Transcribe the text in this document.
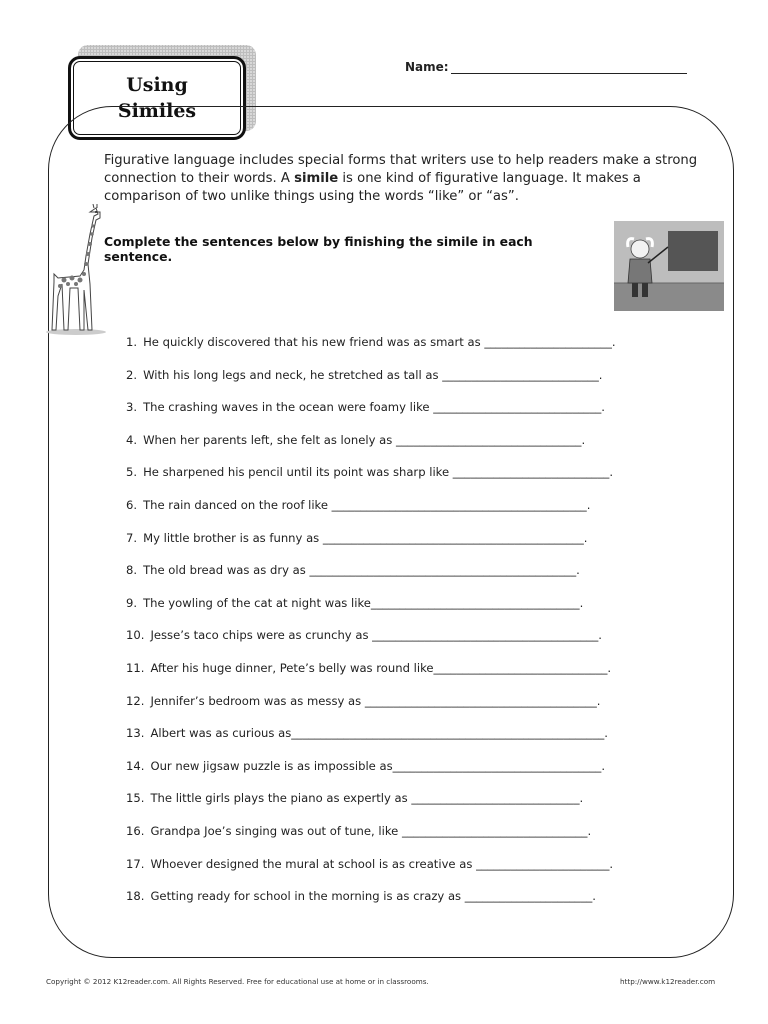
Using
Similes
Name:
Figurative language includes special forms that writers use to help readers make a strong connection to their words. A simile is one kind of figurative language. It makes a comparison of two unlike things using the words “like” or “as”.
Complete the sentences below by finishing the simile in each sentence.
1. He quickly discovered that his new friend was as smart as ______________________.
2. With his long legs and neck, he stretched as tall as ___________________________.
3. The crashing waves in the ocean were foamy like _____________________________.
4. When her parents left, she felt as lonely as ________________________________.
5. He sharpened his pencil until its point was sharp like ___________________________.
6. The rain danced on the roof like ____________________________________________.
7. My little brother is as funny as _____________________________________________.
8. The old bread was as dry as ______________________________________________.
9. The yowling of the cat at night was like____________________________________.
10. Jesse’s taco chips were as crunchy as _______________________________________.
11. After his huge dinner, Pete’s belly was round like______________________________.
12. Jennifer’s bedroom was as messy as ________________________________________.
13. Albert was as curious as______________________________________________________.
14. Our new jigsaw puzzle is as impossible as____________________________________.
15. The little girls plays the piano as expertly as _____________________________.
16. Grandpa Joe’s singing was out of tune, like ________________________________.
17. Whoever designed the mural at school is as creative as _______________________.
18. Getting ready for school in the morning is as crazy as ______________________.
Copyright © 2012 K12reader.com. All Rights Reserved. Free for educational use at home or in classrooms.	http://www.k12reader.com
